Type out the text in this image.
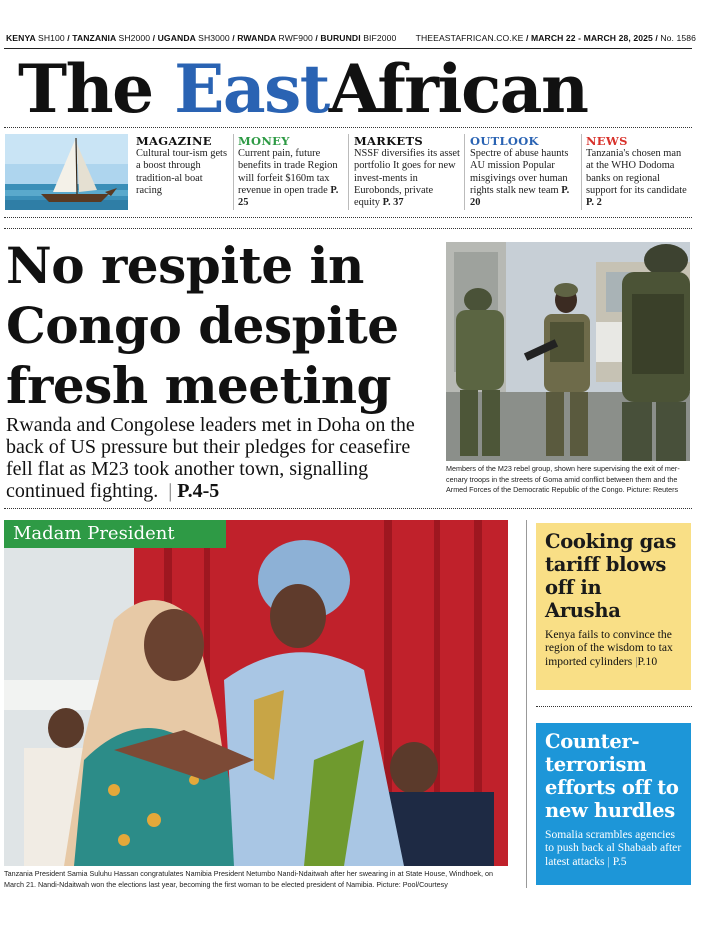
KENYA SH100 / TANZANIA SH2000 / UGANDA SH3000 / RWANDA RWF900 / BURUNDI BIF2000 THEEASTAFRICAN.CO.KE / MARCH 22 - MARCH 28, 2025 / No. 1586
The EastAfrican
MAGAZINE
Cultural tour-ism gets a boost through tradition-al boat racing
MONEY
Current pain, future benefits in trade Region will forfeit $160m tax revenue in open trade P. 25
MARKETS
NSSF diversifies its asset portfolio It goes for new invest-ments in Eurobonds, private equity P. 37
OUTLOOK
Spectre of abuse haunts AU mission Popular misgivings over human rights stalk new team P. 20
NEWS
Tanzania's chosen man at the WHO Dodoma banks on regional support for its candidate P. 2
No respite in Congo despite fresh meeting
Rwanda and Congolese leaders met in Doha on the back of US pressure but their pledges for ceasefire fell flat as M23 took another town, signalling continued fighting.  | P.4-5
Members of the M23 rebel group, shown here supervising the exit of mer-cenary troops in the streets of Goma amid conflict between them and the Armed Forces of the Democratic Republic of the Congo. Picture: Reuters
Madam President
Tanzania President Samia Suluhu Hassan congratulates Namibia President Netumbo Nandi-Ndaitwah after her swearing in at State House, Windhoek, on March 21. Nandi-Ndaitwah won the elections last year, becoming the first woman to be elected president of Namibia. Picture: Pool/Courtesy
Cooking gas tariff blows off in Arusha
Kenya fails to convince the region of the wisdom to tax imported cylinders |P.10
Counter-terrorism efforts off to new hurdles
Somalia scrambles agencies to push back al Shabaab after latest attacks | P.5
